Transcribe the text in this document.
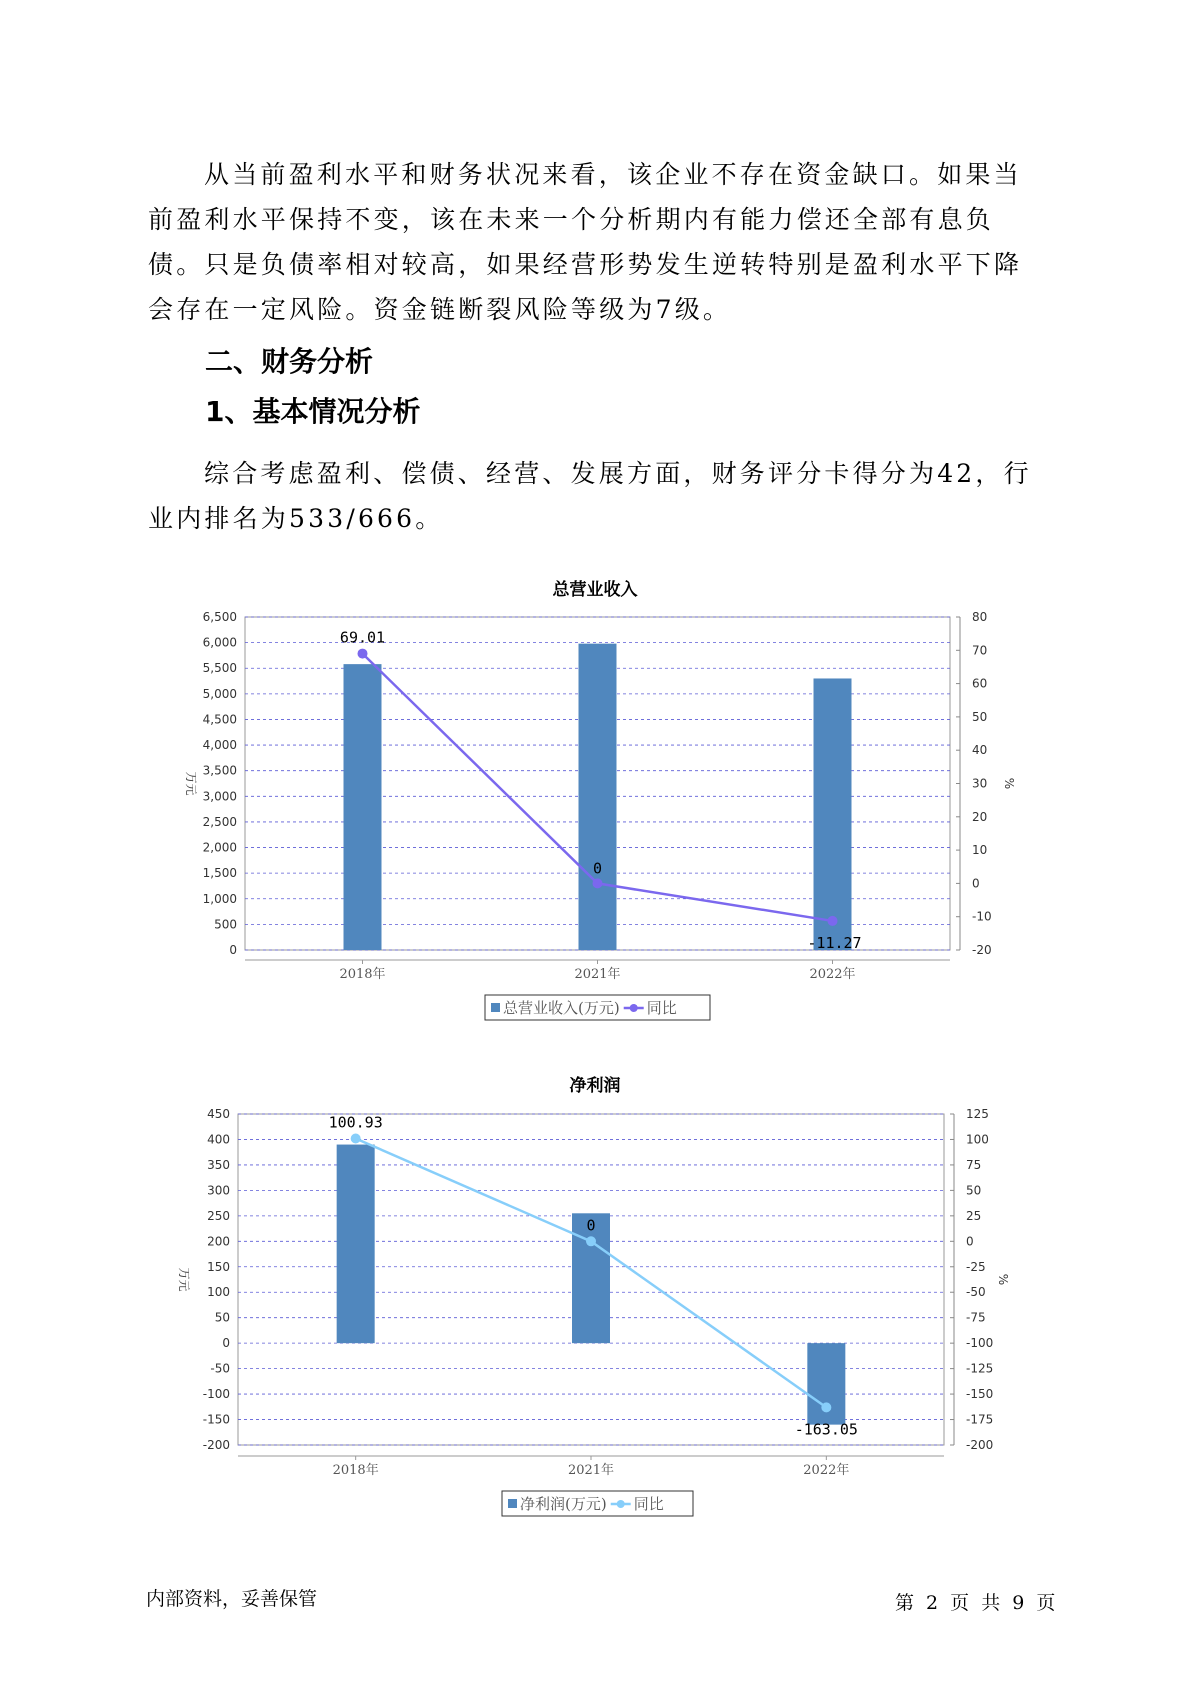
从当前盈利水平和财务状况来看，该企业不存在资金缺口。如果当前盈利水平保持不变，该在未来一个分析期内有能力偿还全部有息负债。只是负债率相对较高，如果经营形势发生逆转特别是盈利水平下降会存在一定风险。资金链断裂风险等级为7级。

二、财务分析
1、基本情况分析

综合考虑盈利、偿债、经营、发展方面，财务评分卡得分为42，行业内排名为533/666。

总营业收入
0
500
1,000
1,500
2,000
2,500
3,000
3,500
4,000
4,500
5,000
5,500
6,000
6,500
-20
-10
0
10
20
30
40
50
60
70
80
万元	%
2018年	2021年	2022年
69.01
0
-11.27
总营业收入(万元) 同比
净利润
-200
-150
-100
-50
0
50
100
150
200
250
300
350
400
450
-200
-175
-150
-125
-100
-75
-50
-25
0
25
50
75
100
125
万元	%
2018年	2021年	2022年
100.93
0
-163.05
净利润(万元) 同比
内部资料，妥善保管	第 2 页 共 9 页
